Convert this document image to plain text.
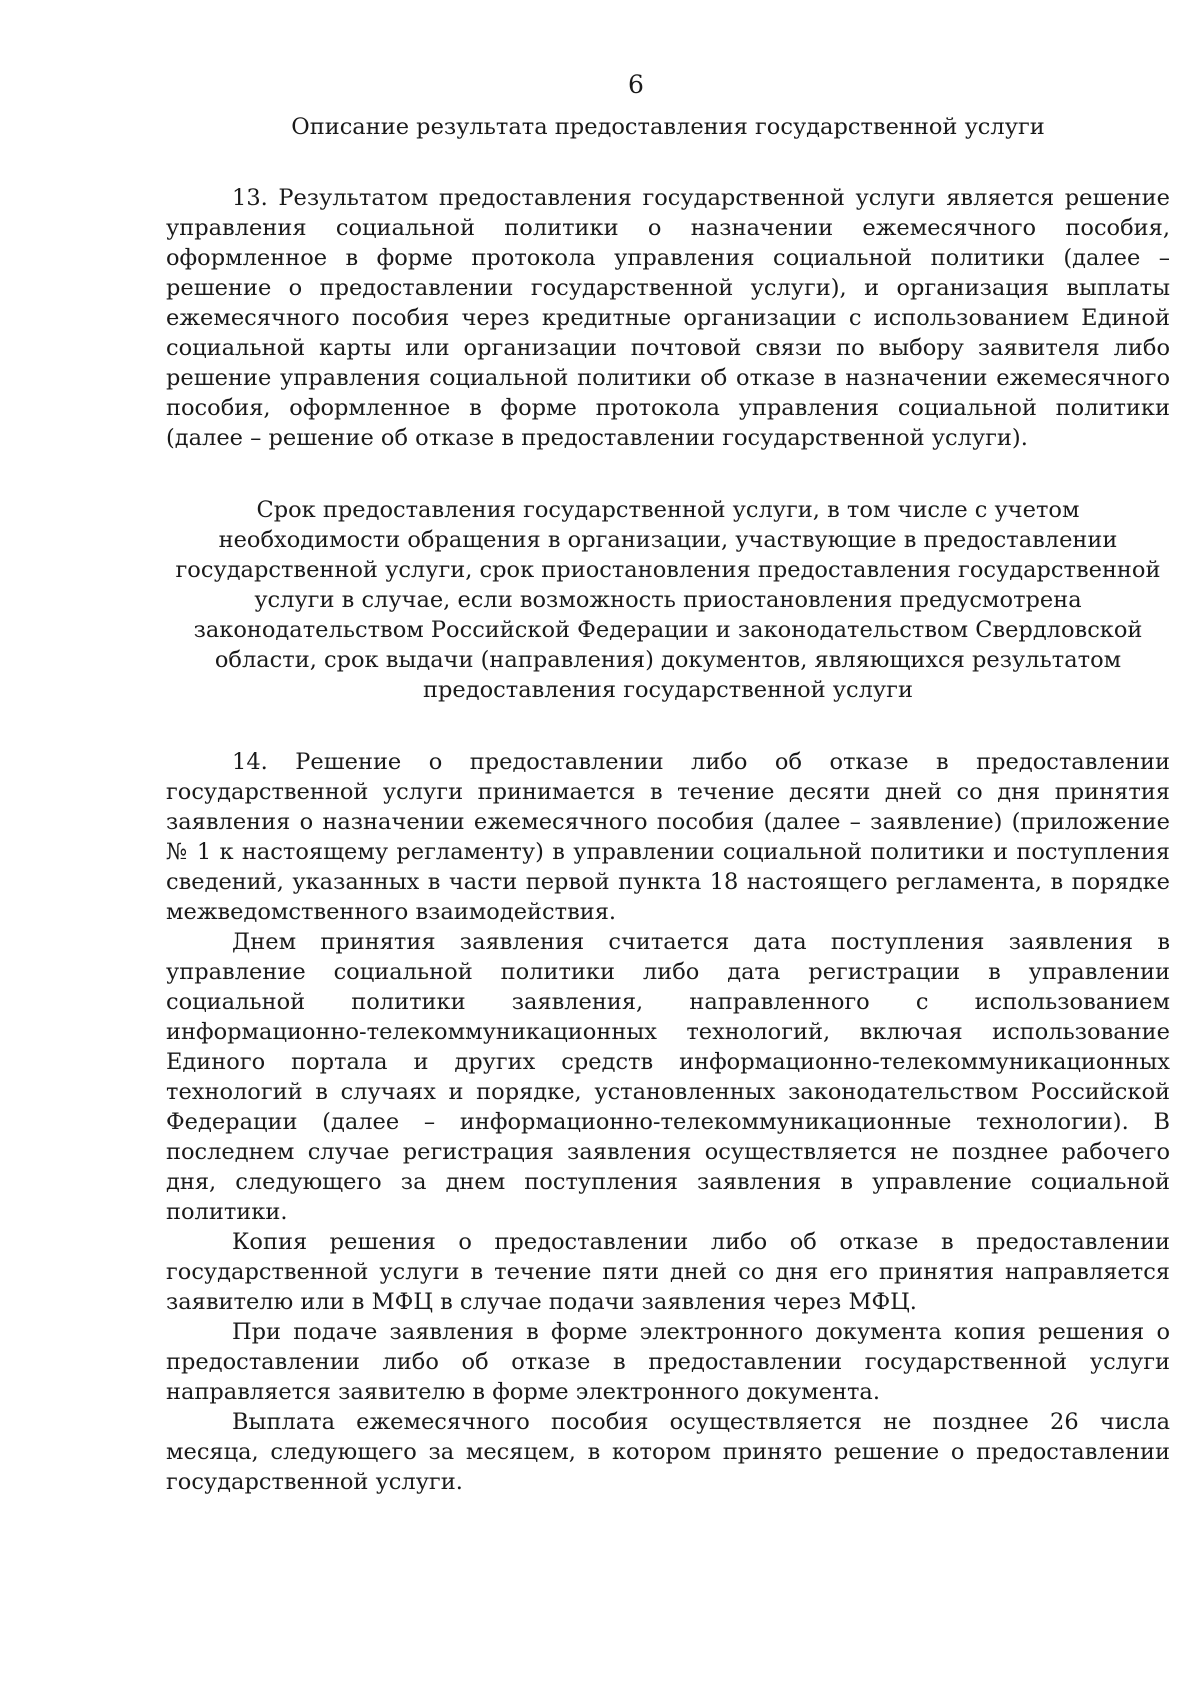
6

Описание результата предоставления государственной услуги

13. Результатом предоставления государственной услуги является решение управления социальной политики о назначении ежемесячного пособия, оформленное в форме протокола управления социальной политики (далее – решение о предоставлении государственной услуги), и организация выплаты ежемесячного пособия через кредитные организации с использованием Единой социальной карты или организации почтовой связи по выбору заявителя либо решение управления социальной политики об отказе в назначении ежемесячного пособия, оформленное в форме протокола управления социальной политики (далее – решение об отказе в предоставлении государственной услуги).

Срок предоставления государственной услуги, в том числе с учетом необходимости обращения в организации, участвующие в предоставлении государственной услуги, срок приостановления предоставления государственной услуги в случае, если возможность приостановления предусмотрена законодательством Российской Федерации и законодательством Свердловской области, срок выдачи (направления) документов, являющихся результатом предоставления государственной услуги

14. Решение о предоставлении либо об отказе в предоставлении государственной услуги принимается в течение десяти дней со дня принятия заявления о назначении ежемесячного пособия (далее – заявление) (приложение № 1 к настоящему регламенту) в управлении социальной политики и поступления сведений, указанных в части первой пункта 18 настоящего регламента, в порядке межведомственного взаимодействия.

Днем принятия заявления считается дата поступления заявления в управление социальной политики либо дата регистрации в управлении социальной политики заявления, направленного с использованием информационно-телекоммуникационных технологий, включая использование Единого портала и других средств информационно-телекоммуникационных технологий в случаях и порядке, установленных законодательством Российской Федерации (далее – информационно-телекоммуникационные технологии). В последнем случае регистрация заявления осуществляется не позднее рабочего дня, следующего за днем поступления заявления в управление социальной политики.

Копия решения о предоставлении либо об отказе в предоставлении государственной услуги в течение пяти дней со дня его принятия направляется заявителю или в МФЦ в случае подачи заявления через МФЦ.

При подаче заявления в форме электронного документа копия решения о предоставлении либо об отказе в предоставлении государственной услуги направляется заявителю в форме электронного документа.

Выплата ежемесячного пособия осуществляется не позднее 26 числа месяца, следующего за месяцем, в котором принято решение о предоставлении государственной услуги.
